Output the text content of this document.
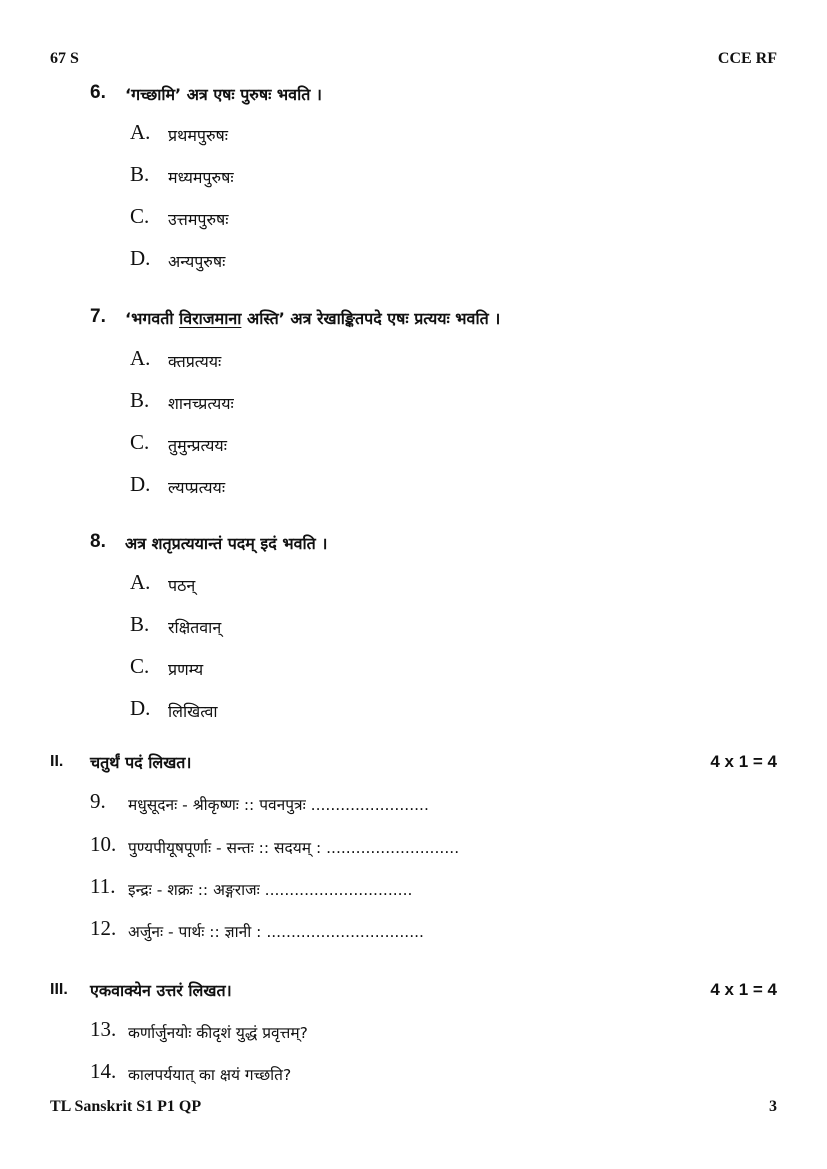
67 S	CCE RF
6. ‘गच्छामि’ अत्र एषः पुरुषः भवति ।
A. प्रथमपुरुषः
B. मध्यमपुरुषः
C. उत्तमपुरुषः
D. अन्यपुरुषः
7. ‘भगवती विराजमाना अस्ति’ अत्र रेखाङ्कितपदे एषः प्रत्ययः भवति ।
A. क्तप्रत्ययः
B. शानच्प्रत्ययः
C. तुमुन्प्रत्ययः
D. ल्यप्प्रत्ययः
8. अत्र शतृप्रत्ययान्तं पदम् इदं भवति ।
A. पठन्
B. रक्षितवान्
C. प्रणम्य
D. लिखित्वा
II. चतुर्थं पदं लिखत।	4 x 1 = 4
9. मधुसूदनः - श्रीकृष्णः :: पवनपुत्रः ........................
10. पुण्यपीयूषपूर्णाः - सन्तः :: सदयम् : ...........................
11. इन्द्रः - शक्रः :: अङ्गराजः ..............................
12. अर्जुनः - पार्थः :: ज्ञानी : ................................
III. एकवाक्येन उत्तरं लिखत।	4 x 1 = 4
13. कर्णार्जुनयोः कीदृशं युद्धं प्रवृत्तम्?
14. कालपर्ययात् का क्षयं गच्छति?
TL Sanskrit S1 P1 QP	3
